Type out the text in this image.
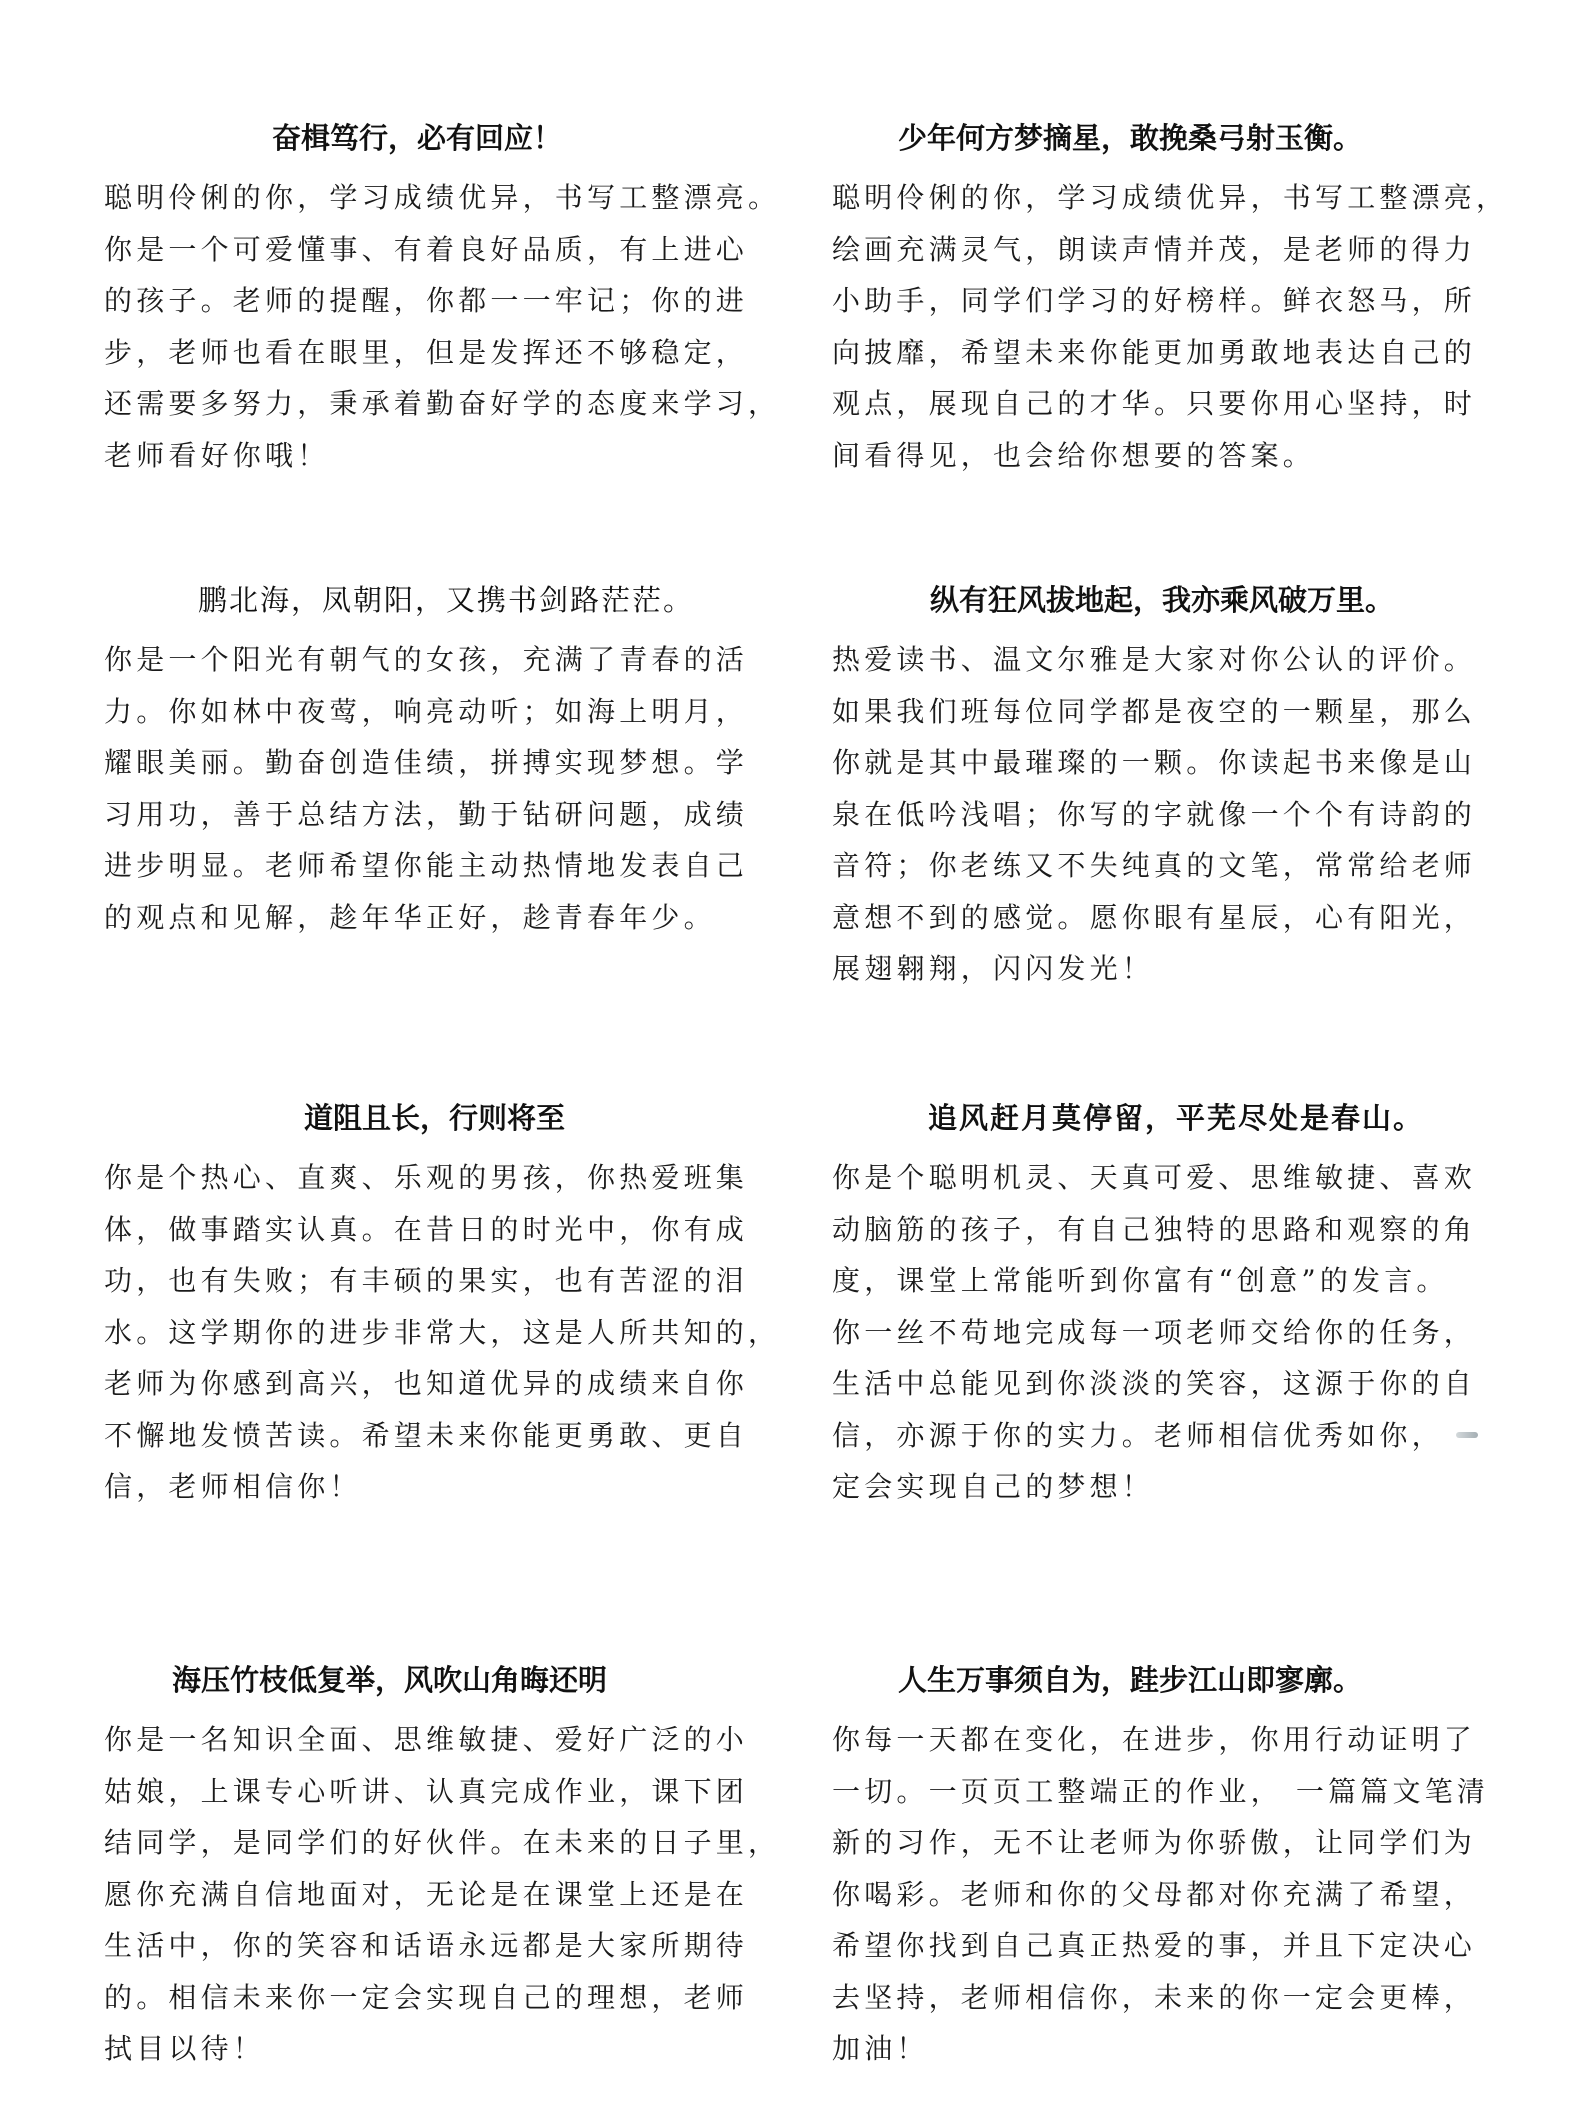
奋楫笃行，必有回应！
聪明伶俐的你，学习成绩优异，书写工整漂亮。
你是一个可爱懂事、有着良好品质，有上进心
的孩子。老师的提醒，你都一一牢记；你的进
步，老师也看在眼里，但是发挥还不够稳定，
还需要多努力，秉承着勤奋好学的态度来学习，
老师看好你哦！
少年何方梦摘星，敢挽桑弓射玉衡。
聪明伶俐的你，学习成绩优异，书写工整漂亮，
绘画充满灵气，朗读声情并茂，是老师的得力
小助手，同学们学习的好榜样。鲜衣怒马，所
向披靡，希望未来你能更加勇敢地表达自己的
观点，展现自己的才华。只要你用心坚持，时
间看得见，也会给你想要的答案。
鹏北海，凤朝阳，又携书剑路茫茫。
你是一个阳光有朝气的女孩，充满了青春的活
力。你如林中夜莺，响亮动听；如海上明月，
耀眼美丽。勤奋创造佳绩，拼搏实现梦想。学
习用功，善于总结方法，勤于钻研问题，成绩
进步明显。老师希望你能主动热情地发表自己
的观点和见解，趁年华正好，趁青春年少。
纵有狂风拔地起，我亦乘风破万里。
热爱读书、温文尔雅是大家对你公认的评价。
如果我们班每位同学都是夜空的一颗星，那么
你就是其中最璀璨的一颗。你读起书来像是山
泉在低吟浅唱；你写的字就像一个个有诗韵的
音符；你老练又不失纯真的文笔，常常给老师
意想不到的感觉。愿你眼有星辰，心有阳光，
展翅翱翔，闪闪发光！
道阻且长，行则将至
你是个热心、直爽、乐观的男孩，你热爱班集
体，做事踏实认真。在昔日的时光中，你有成
功，也有失败；有丰硕的果实，也有苦涩的泪
水。这学期你的进步非常大，这是人所共知的，
老师为你感到高兴，也知道优异的成绩来自你
不懈地发愤苦读。希望未来你能更勇敢、更自
信，老师相信你！
追风赶月莫停留，平芜尽处是春山。
你是个聪明机灵、天真可爱、思维敏捷、喜欢
动脑筋的孩子，有自己独特的思路和观察的角
度，课堂上常能听到你富有“创意”的发言。
你一丝不苟地完成每一项老师交给你的任务，
生活中总能见到你淡淡的笑容，这源于你的自
信，亦源于你的实力。老师相信优秀如你，
定会实现自己的梦想！
海压竹枝低复举，风吹山角晦还明
你是一名知识全面、思维敏捷、爱好广泛的小
姑娘，上课专心听讲、认真完成作业，课下团
结同学，是同学们的好伙伴。在未来的日子里，
愿你充满自信地面对，无论是在课堂上还是在
生活中，你的笑容和话语永远都是大家所期待
的。相信未来你一定会实现自己的理想，老师
拭目以待！
人生万事须自为，跬步江山即寥廓。
你每一天都在变化，在进步，你用行动证明了
一切。一页页工整端正的作业， 一篇篇文笔清
新的习作，无不让老师为你骄傲，让同学们为
你喝彩。老师和你的父母都对你充满了希望，
希望你找到自己真正热爱的事，并且下定决心
去坚持，老师相信你，未来的你一定会更棒，
加油！
